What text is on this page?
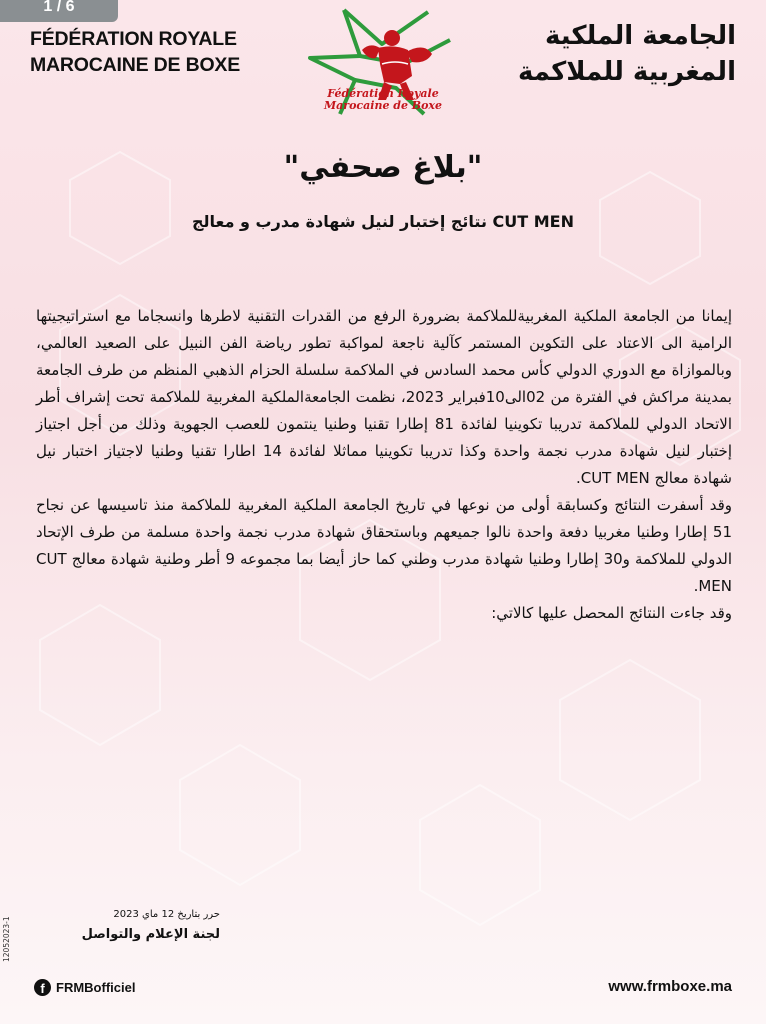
1 / 6
FÉDÉRATION ROYALE
MAROCAINE DE BOXE
الجامعة الملكية
المغربية للملاكمة
Fédération Royale
Marocaine de Boxe
"بلاغ صحفي"
نتائج إختبار لنيل شهادة مدرب و معالج CUT MEN

إيمانا من الجامعة الملكية المغربيةللملاكمة بضرورة الرفع من القدرات التقنية لاطرها وانسجاما مع استراتيجيتها الرامية الى الاعتاد على التكوين المستمر كآلية ناجعة لمواكبة تطور رياضة الفن النبيل على الصعيد العالمي، وبالموازاة مع الدوري الدولي كأس محمد السادس في الملاكمة سلسلة الحزام الذهبي المنظم من طرف الجامعة بمدينة مراكش في الفترة من 02الى10فبراير 2023، نظمت الجامعةالملكية المغربية للملاكمة تحت إشراف أطر الاتحاد الدولي للملاكمة تدريبا تكوينيا لفائدة 81 إطارا تقنيا وطنيا ينتمون للعصب الجهوية وذلك من أجل اجتياز إختبار لنيل شهادة مدرب نجمة واحدة وكذا تدريبا تكوينيا مماثلا لفائدة 14 اطارا تقنيا وطنيا لاجتياز اختبار نيل شهادة معالج CUT MEN.

وقد أسفرت النتائج وكسابقة أولى من نوعها في تاريخ الجامعة الملكية المغربية للملاكمة منذ تاسيسها عن نجاح 51 إطارا وطنيا مغربيا دفعة واحدة نالوا جميعهم وباستحقاق شهادة مدرب نجمة واحدة مسلمة من طرف الإتحاد الدولي للملاكمة و30 إطارا وطنيا شهادة مدرب وطني كما حاز أيضا بما مجموعه 9 أطر وطنية شهادة معالج CUT MEN.

وقد جاءت النتائج المحصل عليها كالاتي:

حرر بتاريخ 12 ماي 2023
لجنة الإعلام والتواصل
12052023-1
f FRMBofficiel	www.frmboxe.ma
